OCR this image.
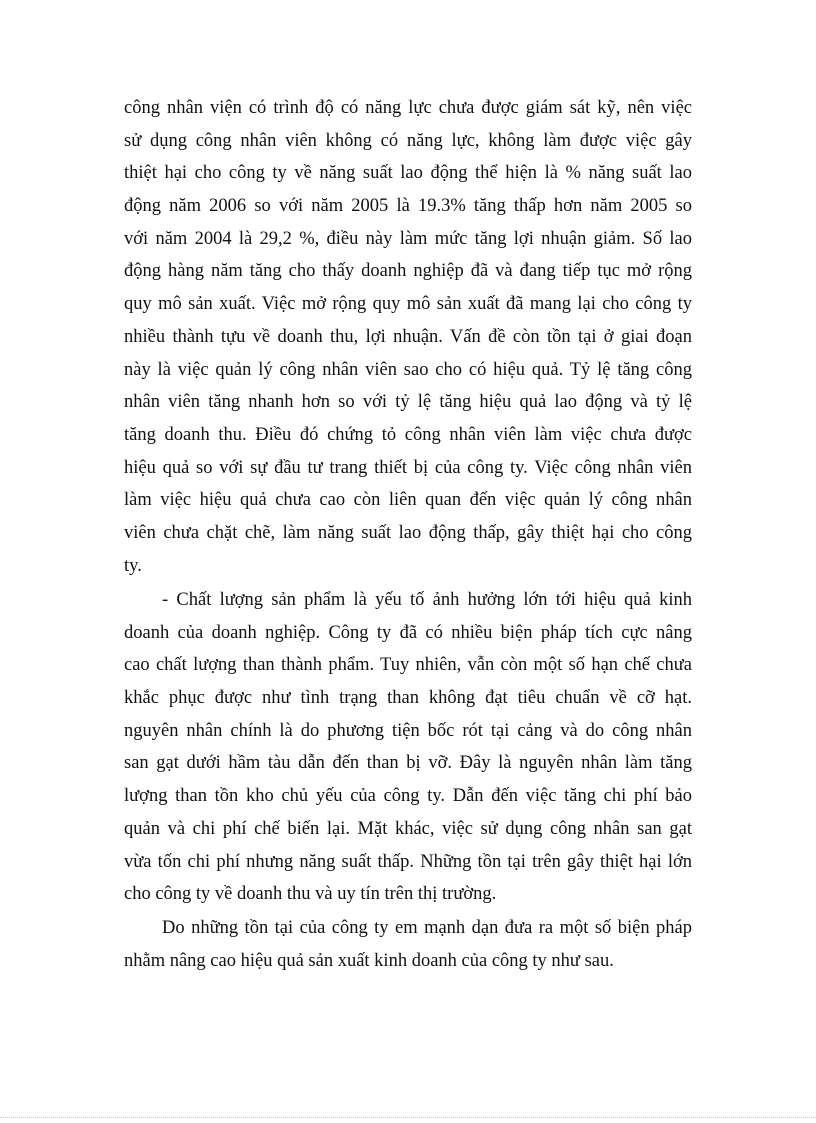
công nhân viện có trình độ có năng lực chưa được giám sát kỹ, nên việc
sử dụng công nhân viên không có năng lực, không làm được việc gây
thiệt hại cho công ty về năng suất lao động thể hiện là % năng suất lao
động năm 2006 so với năm 2005 là 19.3% tăng thấp hơn năm 2005 so
với năm 2004 là 29,2 %, điều này làm mức tăng lợi nhuận giảm. Số lao
động hàng năm tăng cho thấy doanh nghiệp đã và đang tiếp tục mở rộng
quy mô sản xuất. Việc mở rộng quy mô sản xuất đã mang lại cho công ty
nhiều thành tựu về doanh thu, lợi nhuận. Vấn đề còn tồn tại ở giai đoạn
này là việc quản lý công nhân viên sao cho có hiệu quả. Tỷ lệ tăng công
nhân viên tăng nhanh hơn so với tỷ lệ tăng hiệu quả lao động và tỷ lệ
tăng doanh thu. Điều đó chứng tỏ công nhân viên làm việc chưa được
hiệu quả so với sự đầu tư trang thiết bị của công ty. Việc công nhân viên
làm việc hiệu quả chưa cao còn liên quan đến việc quản lý công nhân
viên chưa chặt chẽ, làm năng suất lao động thấp, gây thiệt hại cho công
ty.
- Chất lượng sản phẩm là yếu tố ảnh hưởng lớn tới hiệu quả kinh
doanh của doanh nghiệp. Công ty đã có nhiều biện pháp tích cực nâng
cao chất lượng than thành phẩm. Tuy nhiên, vẫn còn một số hạn chế chưa
khắc phục được như tình trạng than không đạt tiêu chuẩn về cỡ hạt.
nguyên nhân chính là do phương tiện bốc rót tại cảng và do công nhân
san gạt dưới hầm tàu dẫn đến than bị vỡ. Đây là nguyên nhân làm tăng
lượng than tồn kho chủ yếu của công ty. Dẫn đến việc tăng chi phí bảo
quản và chi phí chế biến lại. Mặt khác, việc sử dụng công nhân san gạt
vừa tốn chi phí nhưng năng suất thấp. Những tồn tại trên gây thiệt hại lớn
cho công ty về doanh thu và uy tín trên thị trường.
Do những tồn tại của công ty em mạnh dạn đưa ra một số biện pháp
nhằm nâng cao hiệu quả sản xuất kinh doanh của công ty như sau.
